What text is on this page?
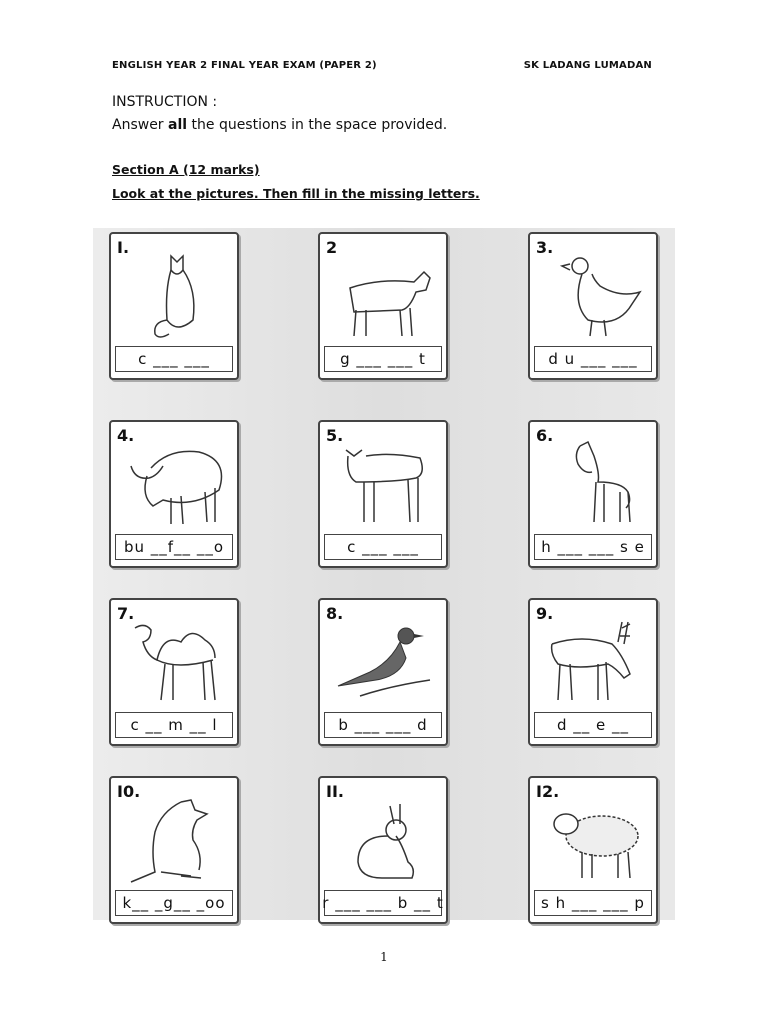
ENGLISH YEAR 2 FINAL YEAR EXAM (PAPER 2)	SK LADANG LUMADAN
INSTRUCTION :
Answer all the questions in the space provided.
Section A (12 marks)
Look at the pictures. Then fill in the missing letters.
I.
c ___ ___
2
g ___ ___ t
3.
d u ___ ___
4.
bu __f__ __o
5.
c ___ ___
6.
h ___ ___ s e
7.
c __ m __ l
8.
b ___ ___ d
9.
d __ e __
I0.
k__ _g__ _oo
II.
r ___ ___ b __ t
I2.
s h ___ ___ p
1
